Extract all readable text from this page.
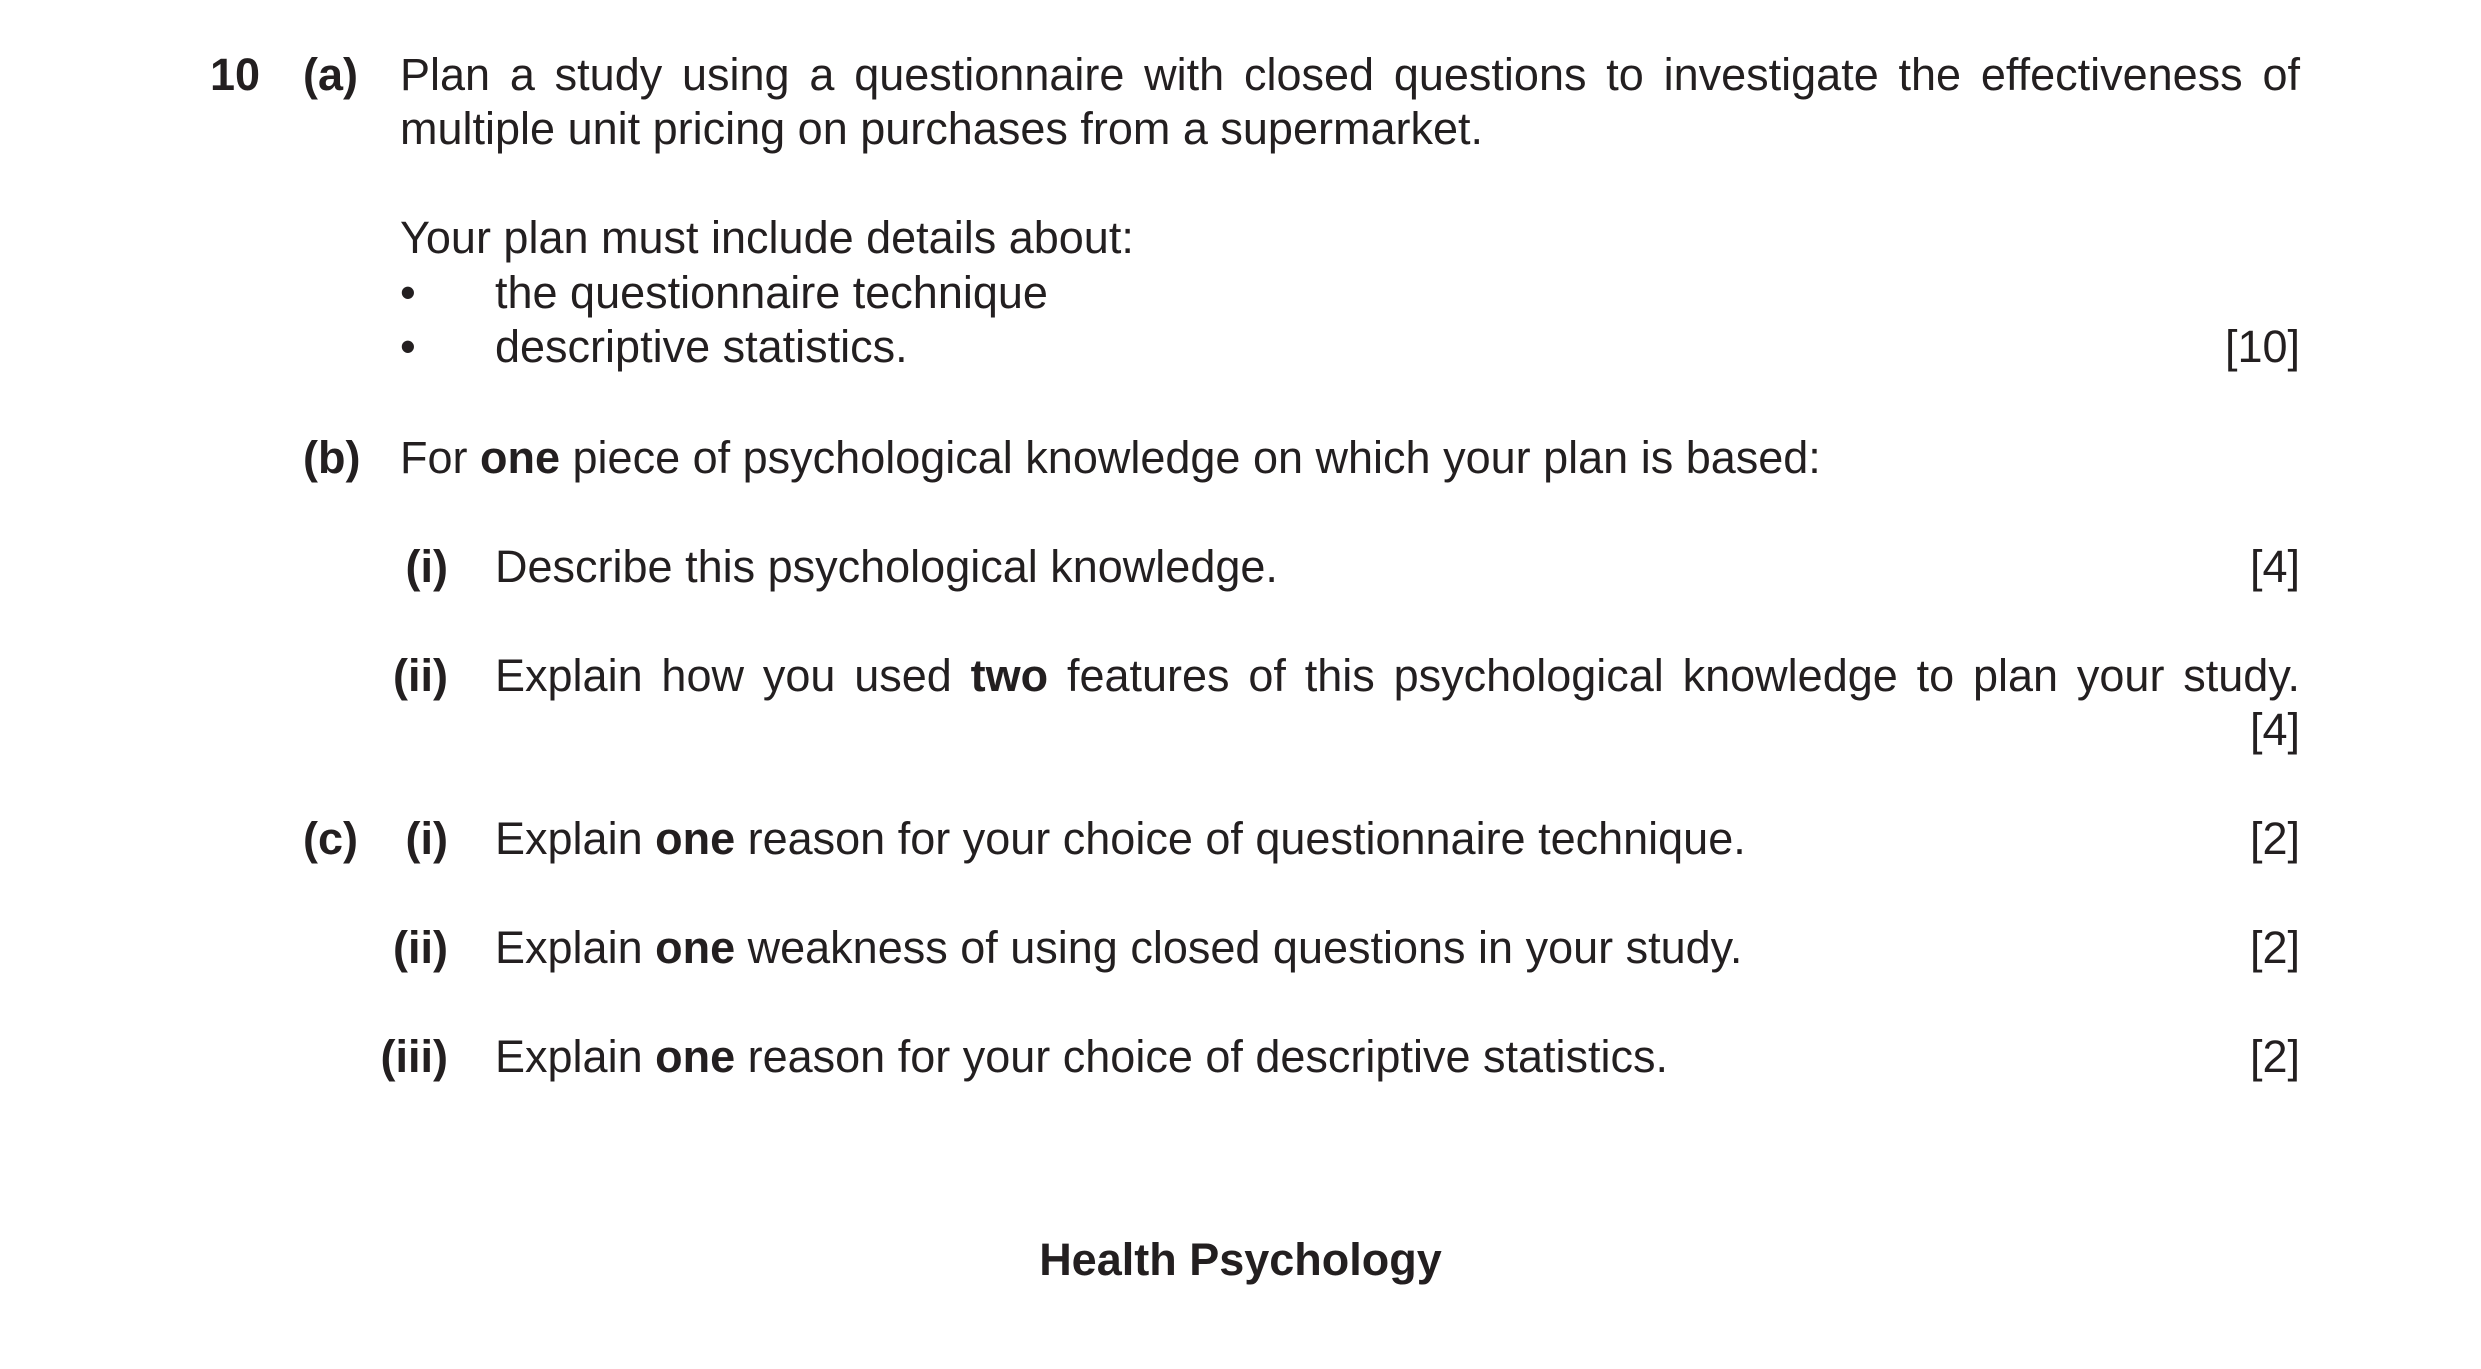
10 (a) Plan a study using a questionnaire with closed questions to investigate the effectiveness of
multiple unit pricing on purchases from a supermarket.
Your plan must include details about:
•	the questionnaire technique
•	descriptive statistics.	[10]
(b) For one piece of psychological knowledge on which your plan is based:
(i) Describe this psychological knowledge.	[4]
(ii) Explain how you used two features of this psychological knowledge to plan your study.
[4]
(c) (i) Explain one reason for your choice of questionnaire technique.	[2]
(ii) Explain one weakness of using closed questions in your study.	[2]
(iii) Explain one reason for your choice of descriptive statistics.	[2]
Health Psychology
